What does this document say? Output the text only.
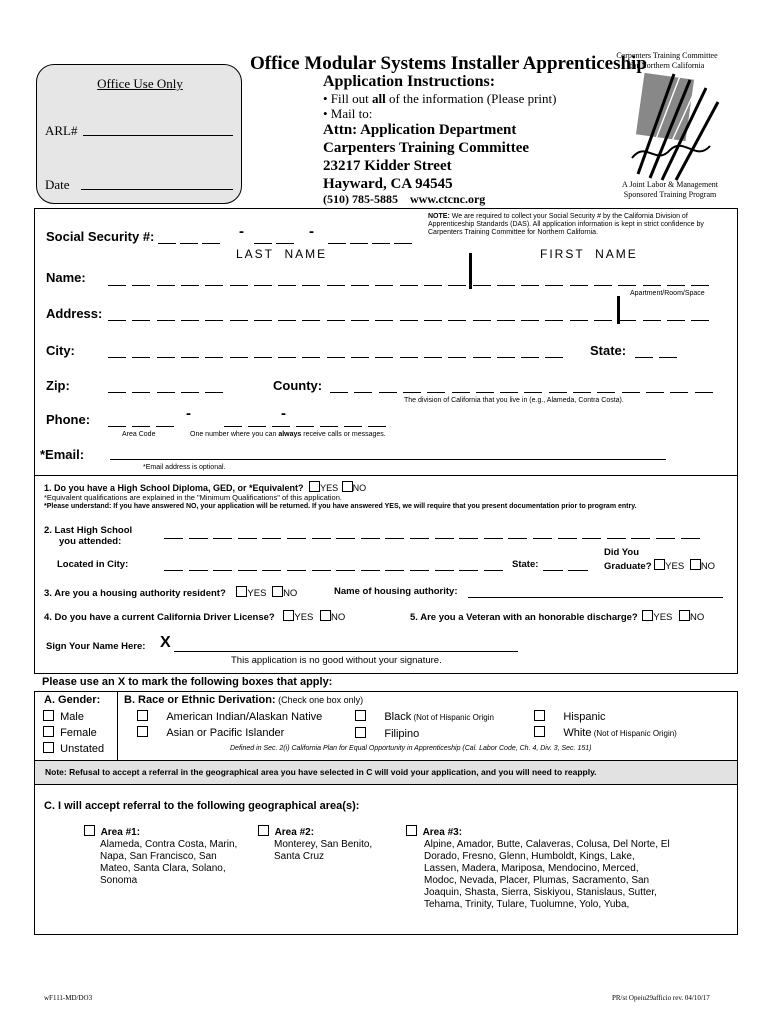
Office Use Only
ARL#
Date
Office Modular Systems Installer Apprenticeship
Carpenters Training Committee
for Northern California
Application Instructions:
• Fill out all of the information (Please print)
• Mail to:
Attn: Application Department
Carpenters Training Committee
23217 Kidder Street
Hayward, CA 94545
(510) 785-5885 www.ctcnc.org
A Joint Labor & Management
Sponsored Training Program
NOTE: We are required to collect your Social Security # by the California Division of Apprenticeship Standards (DAS). All application information is kept in strict confidence by Carpenters Training Committee for Northern California.
Social Security #:	-	-
LAST  NAME	FIRST  NAME
Name:
Apartment/Room/Space
Address:
City:	State:
Zip:	County:
The division of California that you live in (e.g., Alameda, Contra Costa).
Phone:	-	-
Area Code	One number where you can always receive calls or messages.
*Email:
*Email address is optional.
1. Do you have a High School Diploma, GED, or *Equivalent? YES NO
*Equivalent qualifications are explained in the "Minimum Qualifications" of this application.
*Please understand: If you have answered NO, your application will be returned. If you have answered YES, we will require that you present documentation prior to program entry.
2. Last High School
you attended:
Located in City:	State:
Did You
Graduate? YES NO
3. Are you a housing authority resident? YES NO	Name of housing authority:
4. Do you have a current California Driver License? YES NO	5. Are you a Veteran with an honorable discharge? YES NO
Sign Your Name Here: X
This application is no good without your signature.
Please use an X to mark the following boxes that apply:
A. Gender:
Male
Female
Unstated
B. Race or Ethnic Derivation: (Check one box only)
American Indian/Alaskan Native
Asian or Pacific Islander
Black (Not of Hispanic Origin
Filipino
Hispanic
White (Not of Hispanic Origin)
Defined in Sec. 2(i) California Plan for Equal Opportunity in Apprenticeship (Cal. Labor Code, Ch. 4, Div. 3, Sec. 151)
Note: Refusal to accept a referral in the geographical area you have selected in C will void your application, and you will need to reapply.
C. I will accept referral to the following geographical area(s):
Area #1:
Alameda, Contra Costa, Marin,
Napa, San Francisco, San
Mateo, Santa Clara, Solano,
Sonoma
Area #2:
Monterey, San Benito,
Santa Cruz
Area #3:
Alpine, Amador, Butte, Calaveras, Colusa, Del Norte, El
Dorado, Fresno, Glenn, Humboldt, Kings, Lake,
Lassen, Madera, Mariposa, Mendocino, Merced,
Modoc, Nevada, Placer, Plumas, Sacramento, San
Joaquin, Shasta, Sierra, Siskiyou, Stanislaus, Sutter,
Tehama, Trinity, Tulare, Tuolumne, Yolo, Yuba,
wF111-MD/DO3	PR/st Opeiu29afficio rev. 04/10/17
